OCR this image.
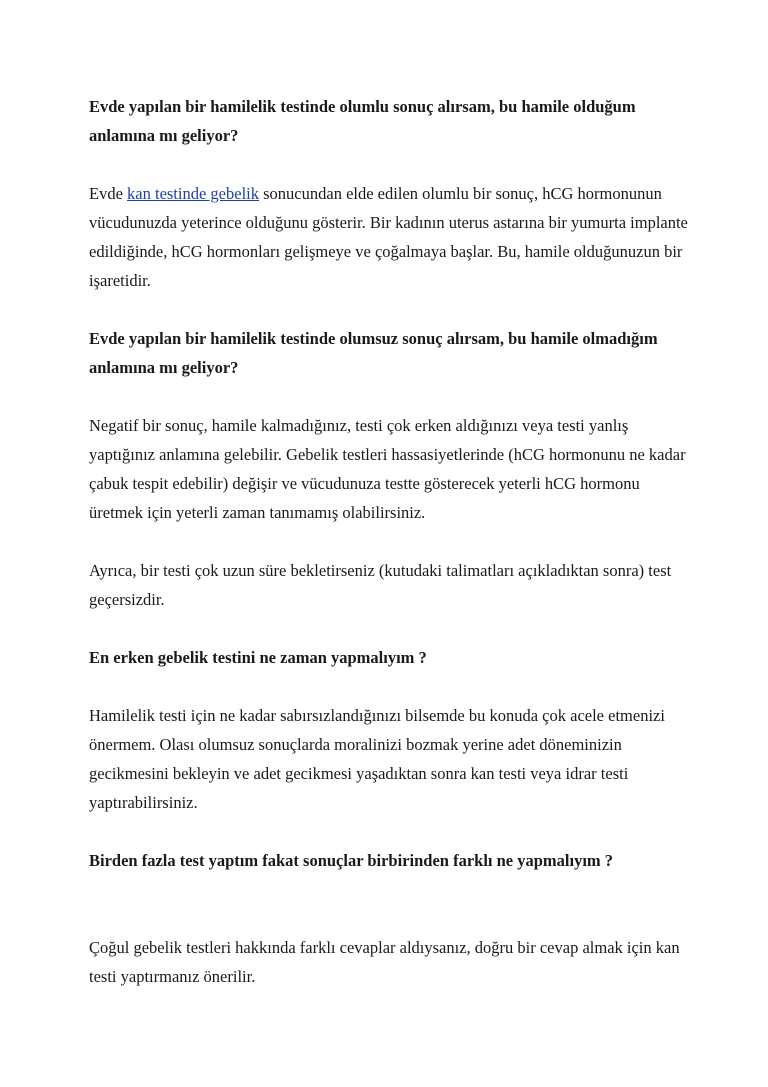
Evde yapılan bir hamilelik testinde olumlu sonuç alırsam, bu hamile olduğum anlamına mı geliyor?

Evde kan testinde gebelik sonucundan elde edilen olumlu bir sonuç, hCG hormonunun vücudunuzda yeterince olduğunu gösterir. Bir kadının uterus astarına bir yumurta implante edildiğinde, hCG hormonları gelişmeye ve çoğalmaya başlar. Bu, hamile olduğunuzun bir işaretidir.

Evde yapılan bir hamilelik testinde olumsuz sonuç alırsam, bu hamile olmadığım anlamına mı geliyor?

Negatif bir sonuç, hamile kalmadığınız, testi çok erken aldığınızı veya testi yanlış yaptığınız anlamına gelebilir. Gebelik testleri hassasiyetlerinde (hCG hormonunu ne kadar çabuk tespit edebilir) değişir ve vücudunuza testte gösterecek yeterli hCG hormonu üretmek için yeterli zaman tanımamış olabilirsiniz.

Ayrıca, bir testi çok uzun süre bekletirseniz (kutudaki talimatları açıkladıktan sonra) test geçersizdir.

En erken gebelik testini ne zaman yapmalıyım ?

Hamilelik testi için ne kadar sabırsızlandığınızı bilsemde bu konuda çok acele etmenizi önermem. Olası olumsuz sonuçlarda moralinizi bozmak yerine adet döneminizin gecikmesini bekleyin ve adet gecikmesi yaşadıktan sonra kan testi veya idrar testi yaptırabilirsiniz.

Birden fazla test yaptım fakat sonuçlar birbirinden farklı ne yapmalıyım ?

Çoğul gebelik testleri hakkında farklı cevaplar aldıysanız, doğru bir cevap almak için kan testi yaptırmanız önerilir.
